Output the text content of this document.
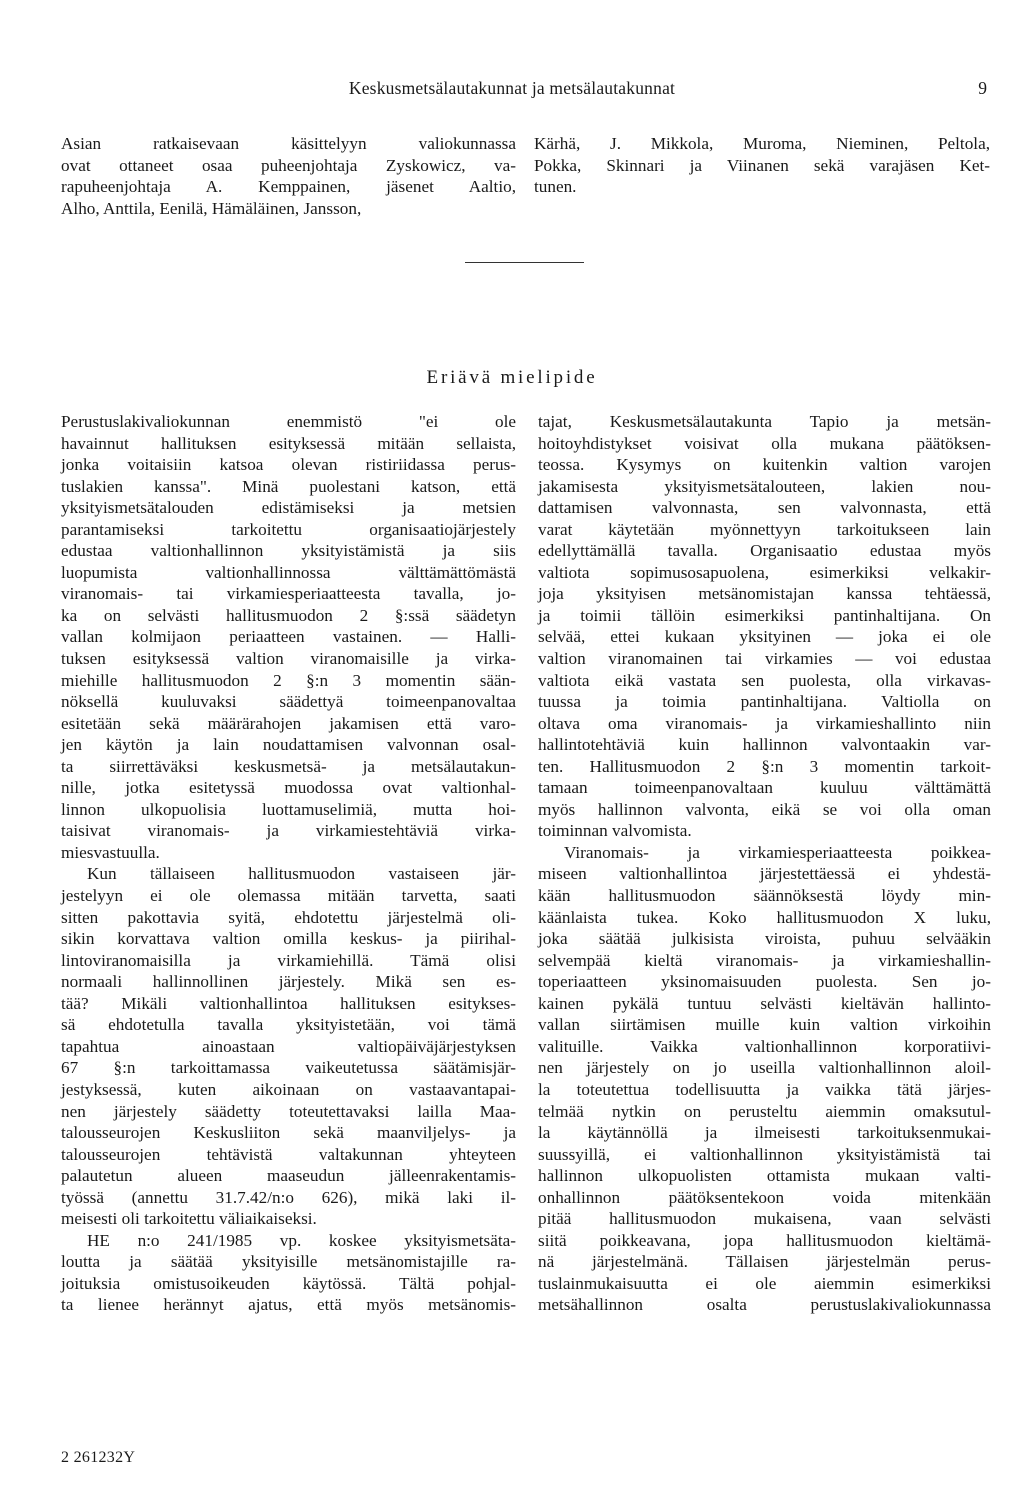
Keskusmetsälautakunnat ja metsälautakunnat	9
Asian ratkaisevaan käsittelyyn valiokunnassa
ovat ottaneet osaa puheenjohtaja Zyskowicz, va-
rapuheenjohtaja A. Kemppainen, jäsenet Aaltio,
Alho, Anttila, Eenilä, Hämäläinen, Jansson,
Kärhä, J. Mikkola, Muroma, Nieminen, Peltola,
Pokka, Skinnari ja Viinanen sekä varajäsen Ket-
tunen.
Eriävä mielipide
Perustuslakivaliokunnan enemmistö "ei ole
havainnut hallituksen esityksessä mitään sellaista,
jonka voitaisiin katsoa olevan ristiriidassa perus-
tuslakien kanssa". Minä puolestani katson, että
yksityismetsätalouden edistämiseksi ja metsien
parantamiseksi tarkoitettu organisaatiojärjestely
edustaa valtionhallinnon yksityistämistä ja siis
luopumista valtionhallinnossa välttämättömästä
viranomais- tai virkamiesperiaatteesta tavalla, jo-
ka on selvästi hallitusmuodon 2 §:ssä säädetyn
vallan kolmijaon periaatteen vastainen. — Halli-
tuksen esityksessä valtion viranomaisille ja virka-
miehille hallitusmuodon 2 §:n 3 momentin sään-
nöksellä kuuluvaksi säädettyä toimeenpanovaltaa
esitetään sekä määrärahojen jakamisen että varo-
jen käytön ja lain noudattamisen valvonnan osal-
ta siirrettäväksi keskusmetsä- ja metsälautakun-
nille, jotka esitetyssä muodossa ovat valtionhal-
linnon ulkopuolisia luottamuselimiä, mutta hoi-
taisivat viranomais- ja virkamiestehtäviä virka-
miesvastuulla.
Kun tällaiseen hallitusmuodon vastaiseen jär-
jestelyyn ei ole olemassa mitään tarvetta, saati
sitten pakottavia syitä, ehdotettu järjestelmä oli-
sikin korvattava valtion omilla keskus- ja piirihal-
lintoviranomaisilla ja virkamiehillä. Tämä olisi
normaali hallinnollinen järjestely. Mikä sen es-
tää? Mikäli valtionhallintoa hallituksen esitykses-
sä ehdotetulla tavalla yksityistetään, voi tämä
tapahtua ainoastaan valtiopäiväjärjestyksen
67 §:n tarkoittamassa vaikeutetussa säätämisjär-
jestyksessä, kuten aikoinaan on vastaavantapai-
nen järjestely säädetty toteutettavaksi lailla Maa-
talousseurojen Keskusliiton sekä maanviljelys- ja
talousseurojen tehtävistä valtakunnan yhteyteen
palautetun alueen maaseudun jälleenrakentamis-
työssä (annettu 31.7.42/n:o 626), mikä laki il-
meisesti oli tarkoitettu väliaikaiseksi.
HE n:o 241/1985 vp. koskee yksityismetsäta-
loutta ja säätää yksityisille metsänomistajille ra-
joituksia omistusoikeuden käytössä. Tältä pohjal-
ta lienee herännyt ajatus, että myös metsänomis-
tajat, Keskusmetsälautakunta Tapio ja metsän-
hoitoyhdistykset voisivat olla mukana päätöksen-
teossa. Kysymys on kuitenkin valtion varojen
jakamisesta yksityismetsätalouteen, lakien nou-
dattamisen valvonnasta, sen valvonnasta, että
varat käytetään myönnettyyn tarkoitukseen lain
edellyttämällä tavalla. Organisaatio edustaa myös
valtiota sopimusosapuolena, esimerkiksi velkakir-
joja yksityisen metsänomistajan kanssa tehtäessä,
ja toimii tällöin esimerkiksi pantinhaltijana. On
selvää, ettei kukaan yksityinen — joka ei ole
valtion viranomainen tai virkamies — voi edustaa
valtiota eikä vastata sen puolesta, olla virkavas-
tuussa ja toimia pantinhaltijana. Valtiolla on
oltava oma viranomais- ja virkamieshallinto niin
hallintotehtäviä kuin hallinnon valvontaakin var-
ten. Hallitusmuodon 2 §:n 3 momentin tarkoit-
tamaan toimeenpanovaltaan kuuluu välttämättä
myös hallinnon valvonta, eikä se voi olla oman
toiminnan valvomista.
Viranomais- ja virkamiesperiaatteesta poikkea-
miseen valtionhallintoa järjestettäessä ei yhdestä-
kään hallitusmuodon säännöksestä löydy min-
käänlaista tukea. Koko hallitusmuodon X luku,
joka säätää julkisista viroista, puhuu selvääkin
selvempää kieltä viranomais- ja virkamieshallin-
toperiaatteen yksinomaisuuden puolesta. Sen jo-
kainen pykälä tuntuu selvästi kieltävän hallinto-
vallan siirtämisen muille kuin valtion virkoihin
valituille. Vaikka valtionhallinnon korporatiivi-
nen järjestely on jo useilla valtionhallinnon aloil-
la toteutettua todellisuutta ja vaikka tätä järjes-
telmää nytkin on perusteltu aiemmin omaksutul-
la käytännöllä ja ilmeisesti tarkoituksenmukai-
suussyillä, ei valtionhallinnon yksityistämistä tai
hallinnon ulkopuolisten ottamista mukaan valti-
onhallinnon päätöksentekoon voida mitenkään
pitää hallitusmuodon mukaisena, vaan selvästi
siitä poikkeavana, jopa hallitusmuodon kieltämä-
nä järjestelmänä. Tällaisen järjestelmän perus-
tuslainmukaisuutta ei ole aiemmin esimerkiksi
metsähallinnon osalta perustuslakivaliokunnassa
2 261232Y
